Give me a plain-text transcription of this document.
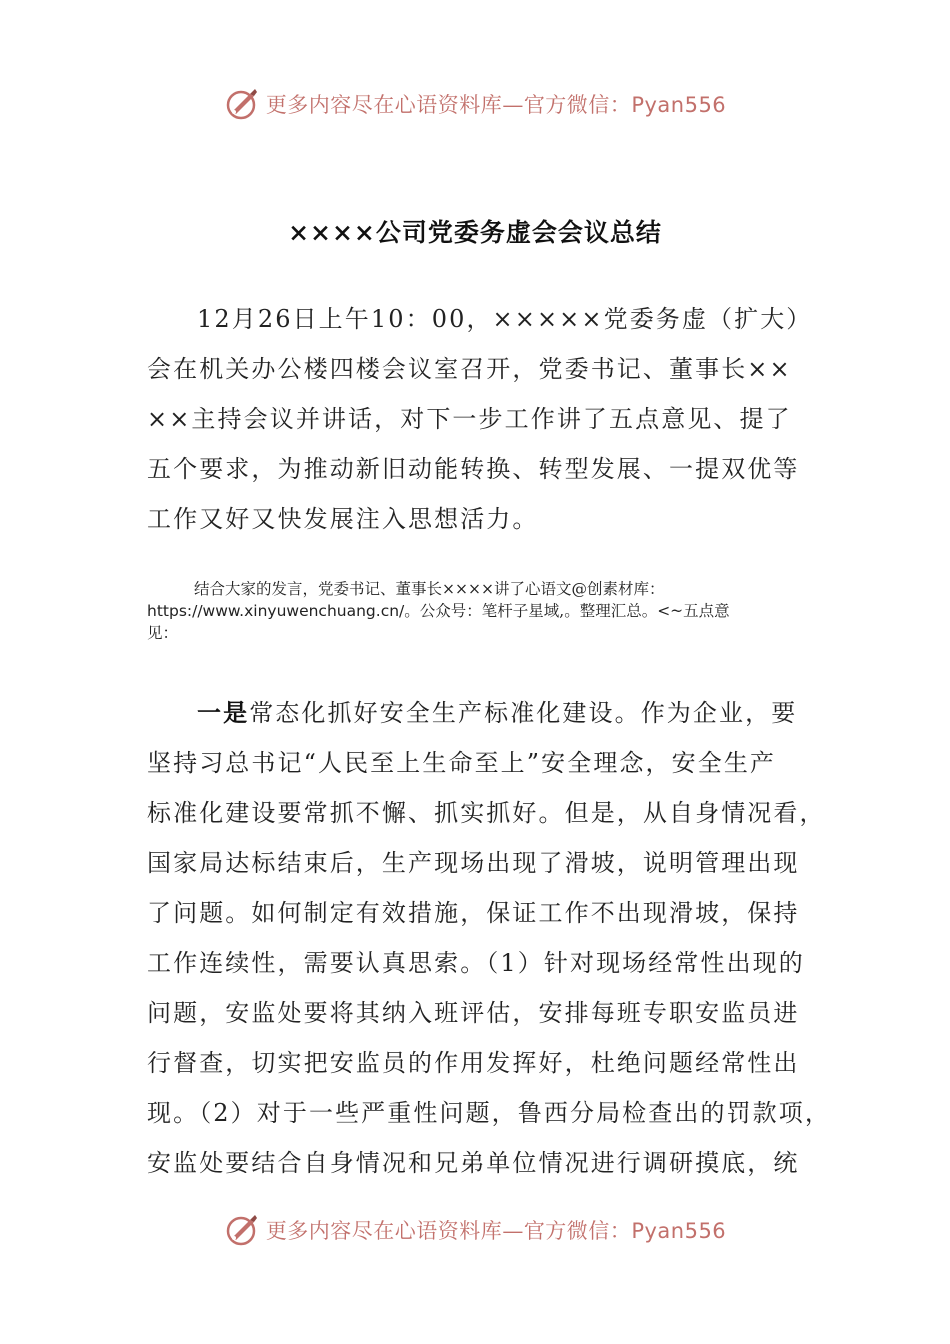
更多内容尽在心语资料库—官方微信：Pyan556
××××公司党委务虚会会议总结
12月26日上午10：00，×××××党委务虚（扩大）
会在机关办公楼四楼会议室召开，党委书记、董事长××
××主持会议并讲话，对下一步工作讲了五点意见、提了
五个要求，为推动新旧动能转换、转型发展、一提双优等
工作又好又快发展注入思想活力。
结合大家的发言，党委书记、董事长××××讲了心语文@创素材库：
https://www.xinyuwenchuang.cn/。公众号：笔杆子星域,。整理汇总。<~五点意
见：
一是常态化抓好安全生产标准化建设。作为企业，要
坚持习总书记“人民至上生命至上”安全理念，安全生产
标准化建设要常抓不懈、抓实抓好。但是，从自身情况看，
国家局达标结束后，生产现场出现了滑坡，说明管理出现
了问题。如何制定有效措施，保证工作不出现滑坡，保持
工作连续性，需要认真思索。（1）针对现场经常性出现的
问题，安监处要将其纳入班评估，安排每班专职安监员进
行督查，切实把安监员的作用发挥好，杜绝问题经常性出
现。（2）对于一些严重性问题，鲁西分局检查出的罚款项，
安监处要结合自身情况和兄弟单位情况进行调研摸底，统
更多内容尽在心语资料库—官方微信：Pyan556
